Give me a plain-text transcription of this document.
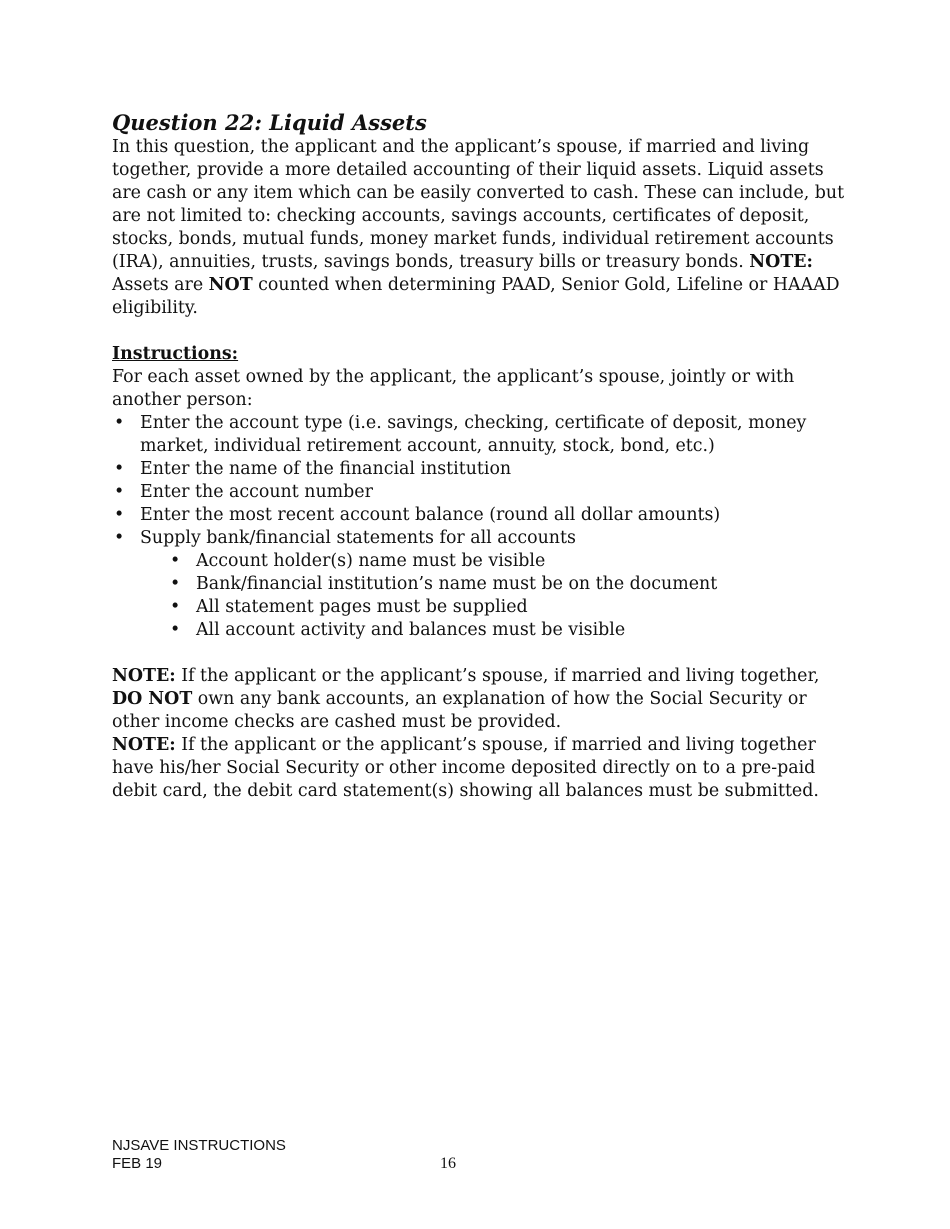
Question 22: Liquid Assets

In this question, the applicant and the applicant’s spouse, if married and living together, provide a more detailed accounting of their liquid assets. Liquid assets are cash or any item which can be easily converted to cash. These can include, but are not limited to: checking accounts, savings accounts, certificates of deposit, stocks, bonds, mutual funds, money market funds, individual retirement accounts (IRA), annuities, trusts, savings bonds, treasury bills or treasury bonds. NOTE: Assets are NOT counted when determining PAAD, Senior Gold, Lifeline or HAAAD eligibility.

Instructions:

For each asset owned by the applicant, the applicant’s spouse, jointly or with another person:

• Enter the account type (i.e. savings, checking, certificate of deposit, money market, individual retirement account, annuity, stock, bond, etc.)
• Enter the name of the financial institution
• Enter the account number
• Enter the most recent account balance (round all dollar amounts)
• Supply bank/financial statements for all accounts
• Account holder(s) name must be visible
• Bank/financial institution’s name must be on the document
• All statement pages must be supplied
• All account activity and balances must be visible

NOTE: If the applicant or the applicant’s spouse, if married and living together, DO NOT own any bank accounts, an explanation of how the Social Security or other income checks are cashed must be provided.

NOTE: If the applicant or the applicant’s spouse, if married and living together have his/her Social Security or other income deposited directly on to a pre-paid debit card, the debit card statement(s) showing all balances must be submitted.

NJSAVE INSTRUCTIONS
FEB 19	16
